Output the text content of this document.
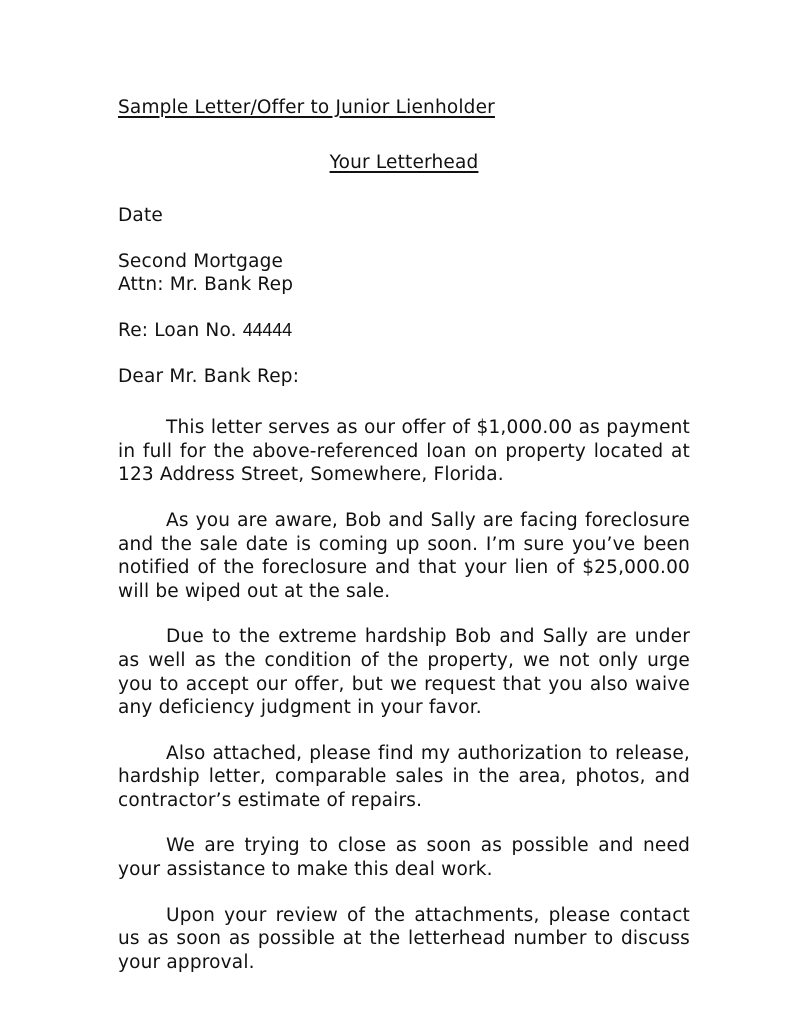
Sample Letter/Offer to Junior Lienholder
Your Letterhead
Date
Second Mortgage
Attn: Mr. Bank Rep
Re: Loan No. 44444
Dear Mr. Bank Rep:

This letter serves as our offer of $1,000.00 as payment in full for the above-referenced loan on property located at 123 Address Street, Somewhere, Florida.

As you are aware, Bob and Sally are facing foreclosure and the sale date is coming up soon. I’m sure you’ve been notified of the foreclosure and that your lien of $25,000.00 will be wiped out at the sale.

Due to the extreme hardship Bob and Sally are under as well as the condition of the property, we not only urge you to accept our offer, but we request that you also waive any deficiency judgment in your favor.

Also attached, please find my authorization to release, hardship letter, comparable sales in the area, photos, and contractor’s estimate of repairs.

We are trying to close as soon as possible and need your assistance to make this deal work.

Upon your review of the attachments, please contact us as soon as possible at the letterhead number to discuss your approval.
